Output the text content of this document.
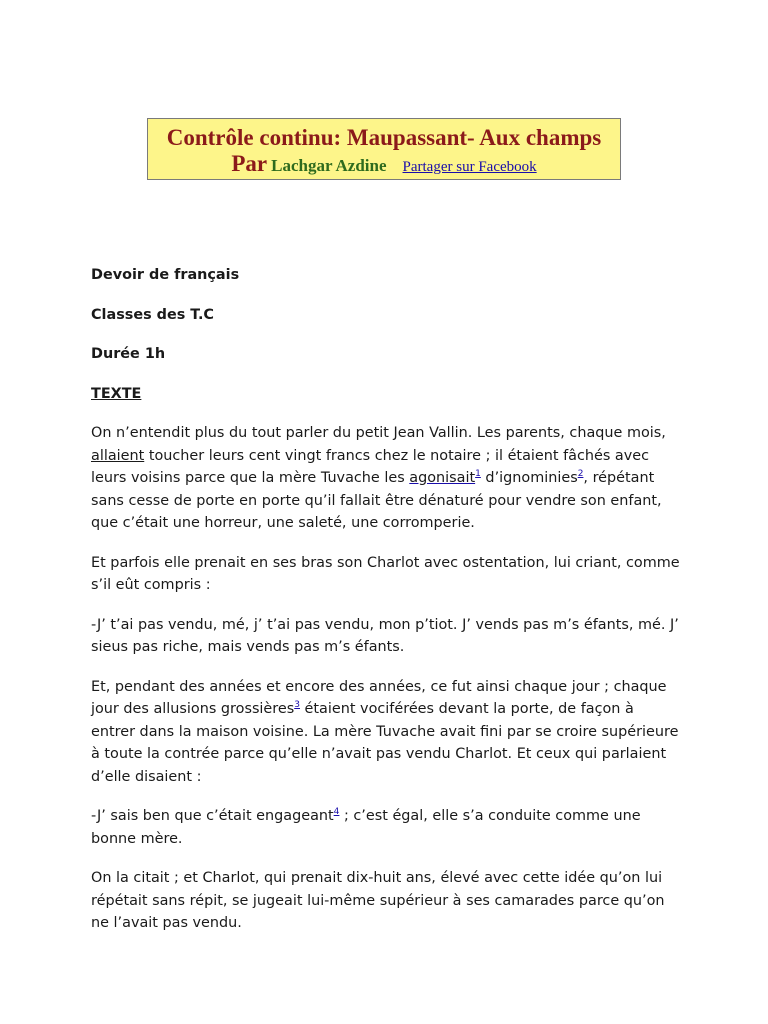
Contrôle continu: Maupassant- Aux champs
Par Lachgar Azdine Partager sur Facebook
Devoir de français
Classes des T.C
Durée 1h
TEXTE

On n’entendit plus du tout parler du petit Jean Vallin. Les parents, chaque mois, allaient toucher leurs cent vingt francs chez le notaire ; il étaient fâchés avec leurs voisins parce que la mère Tuvache les agonisait$^1$ d’ignominies$^2$, répétant sans cesse de porte en porte qu’il fallait être dénaturé pour vendre son enfant, que c’était une horreur, une saleté, une corromperie.

Et parfois elle prenait en ses bras son Charlot avec ostentation, lui criant, comme s’il eût compris :

-J’ t’ai pas vendu, mé, j’ t’ai pas vendu, mon p’tiot. J’ vends pas m’s éfants, mé. J’ sieus pas riche, mais vends pas m’s éfants.

Et, pendant des années et encore des années, ce fut ainsi chaque jour ; chaque jour des allusions grossières$^3$ étaient vociférées devant la porte, de façon à entrer dans la maison voisine. La mère Tuvache avait fini par se croire supérieure à toute la contrée parce qu’elle n’avait pas vendu Charlot. Et ceux qui parlaient d’elle disaient :

-J’ sais ben que c’était engageant$^4$ ; c’est égal, elle s’a conduite comme une bonne mère.

On la citait ; et Charlot, qui prenait dix-huit ans, élevé avec cette idée qu’on lui répétait sans répit, se jugeait lui-même supérieur à ses camarades parce qu’on ne l’avait pas vendu.
